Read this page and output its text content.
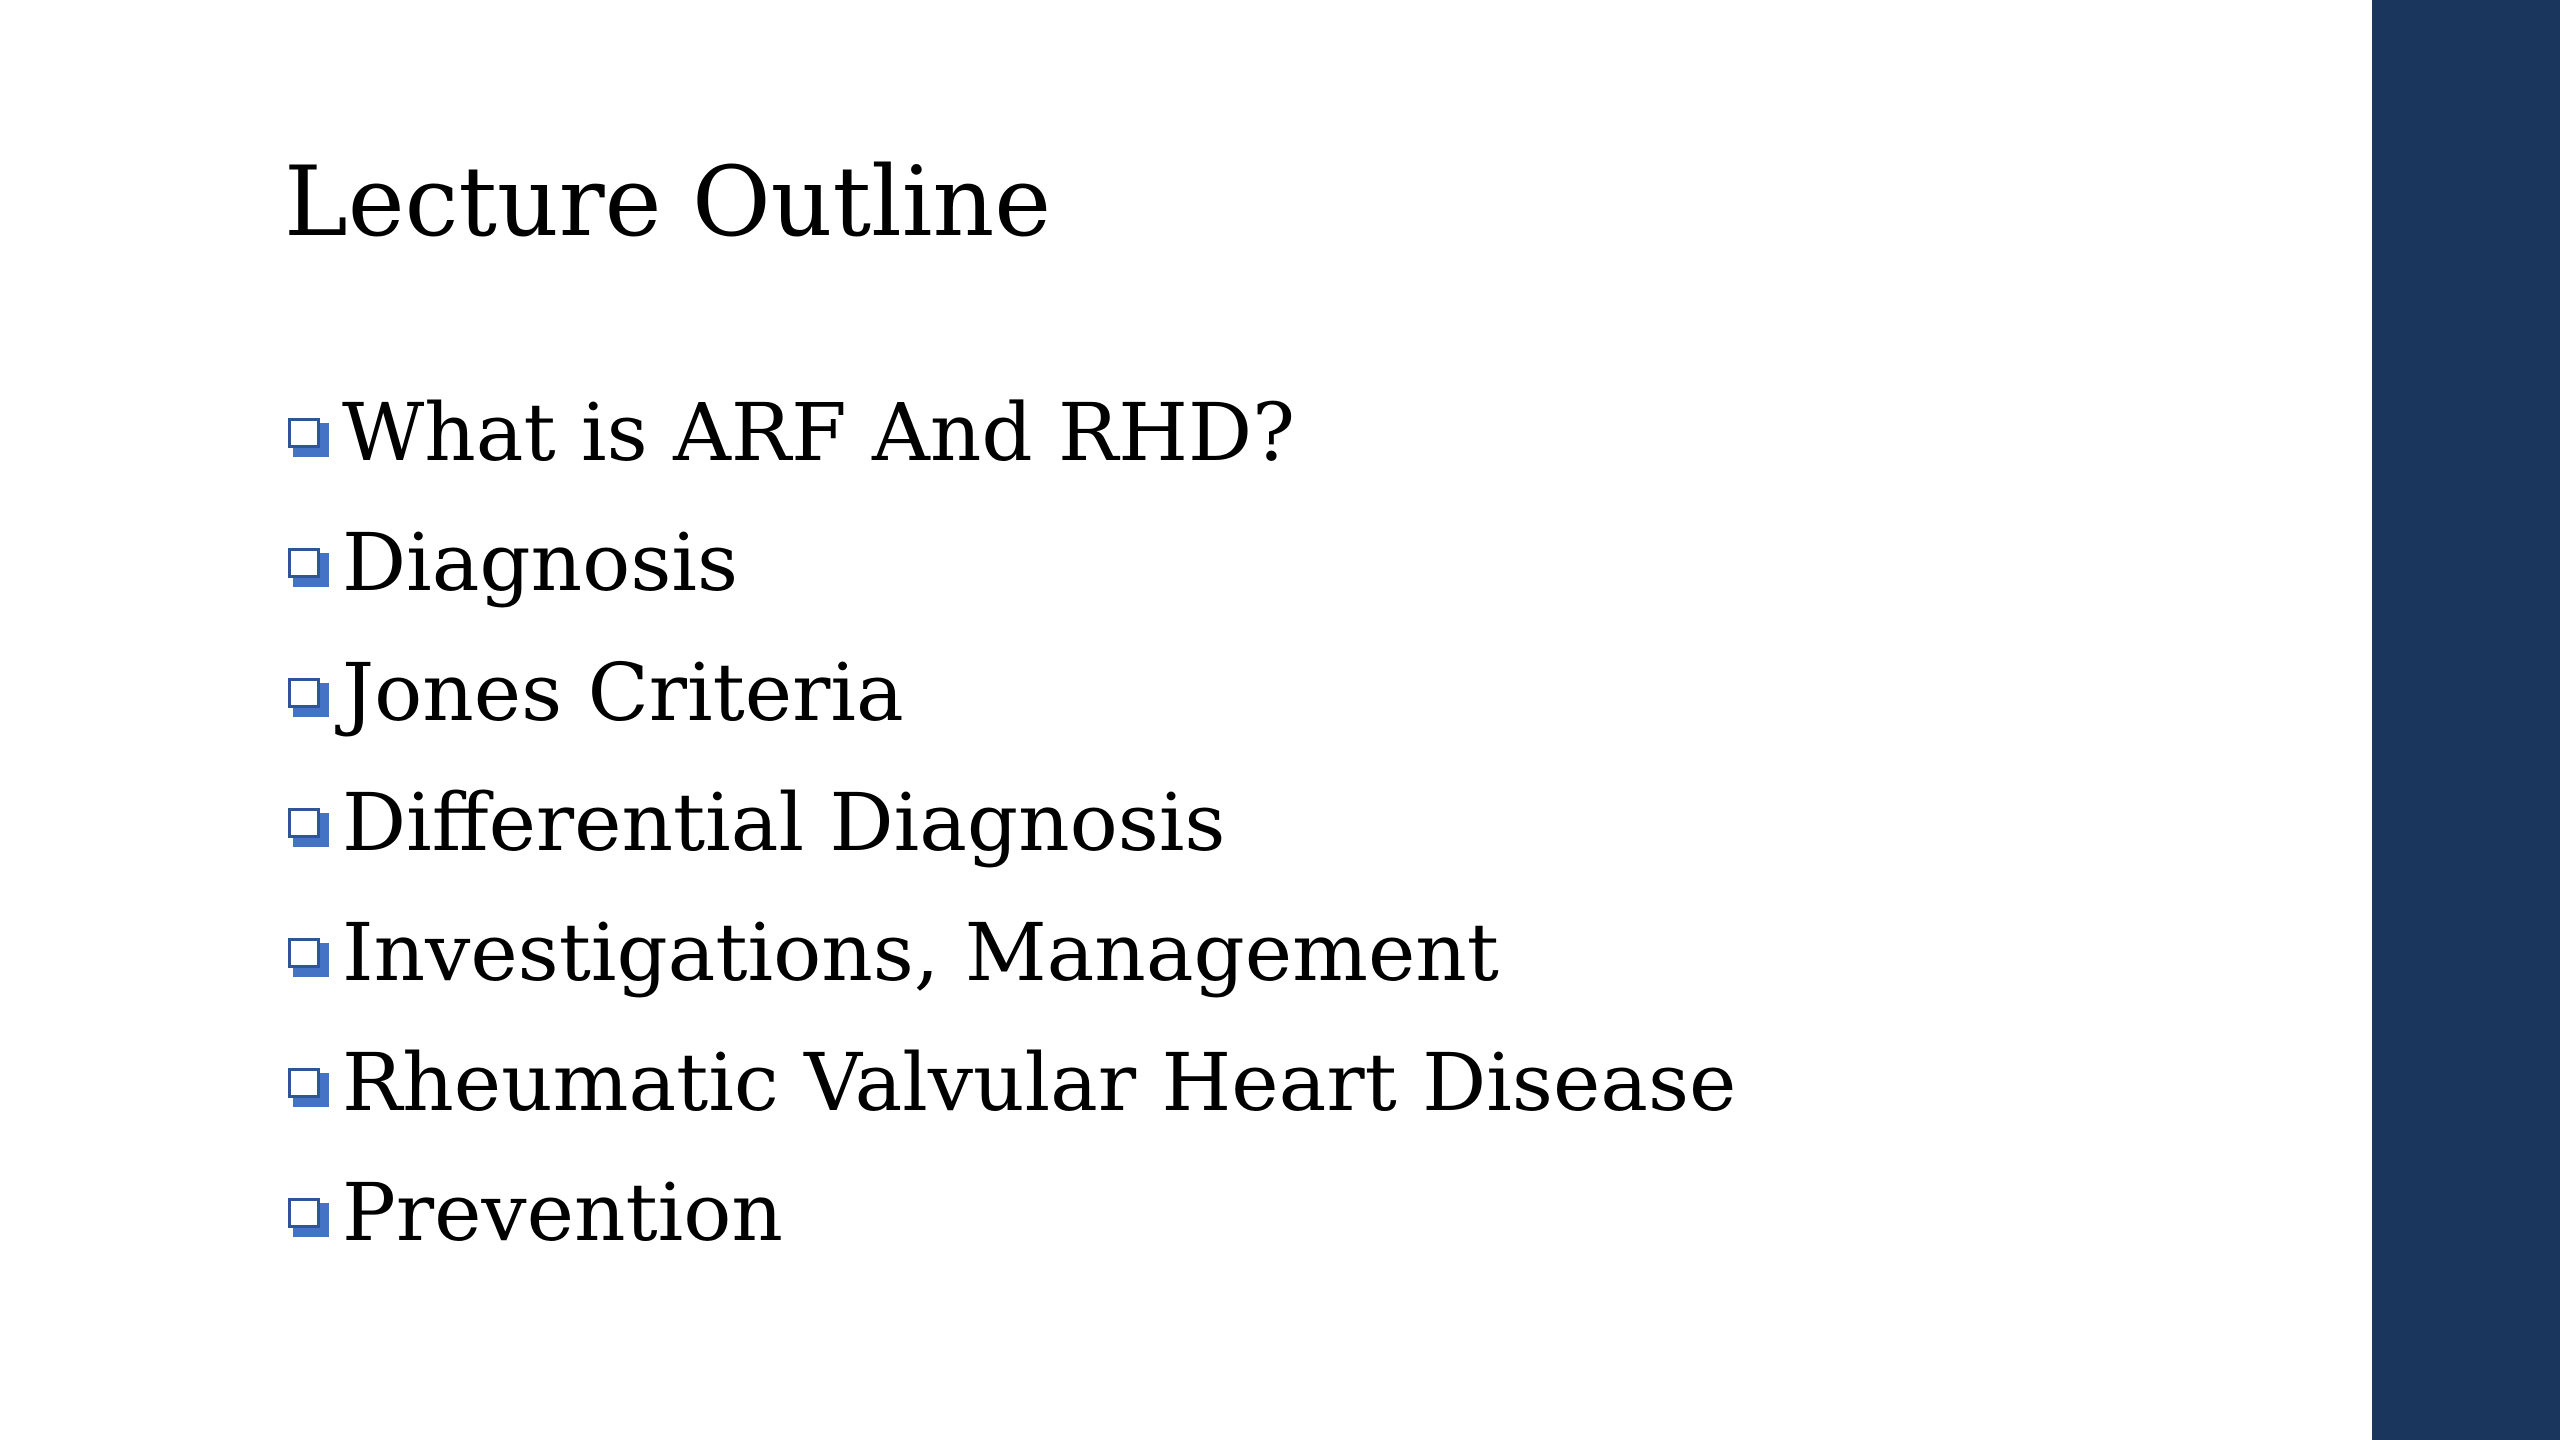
Lecture Outline
What is ARF And RHD?
Diagnosis
Jones Criteria
Differential Diagnosis
Investigations, Management
Rheumatic Valvular Heart Disease
Prevention
